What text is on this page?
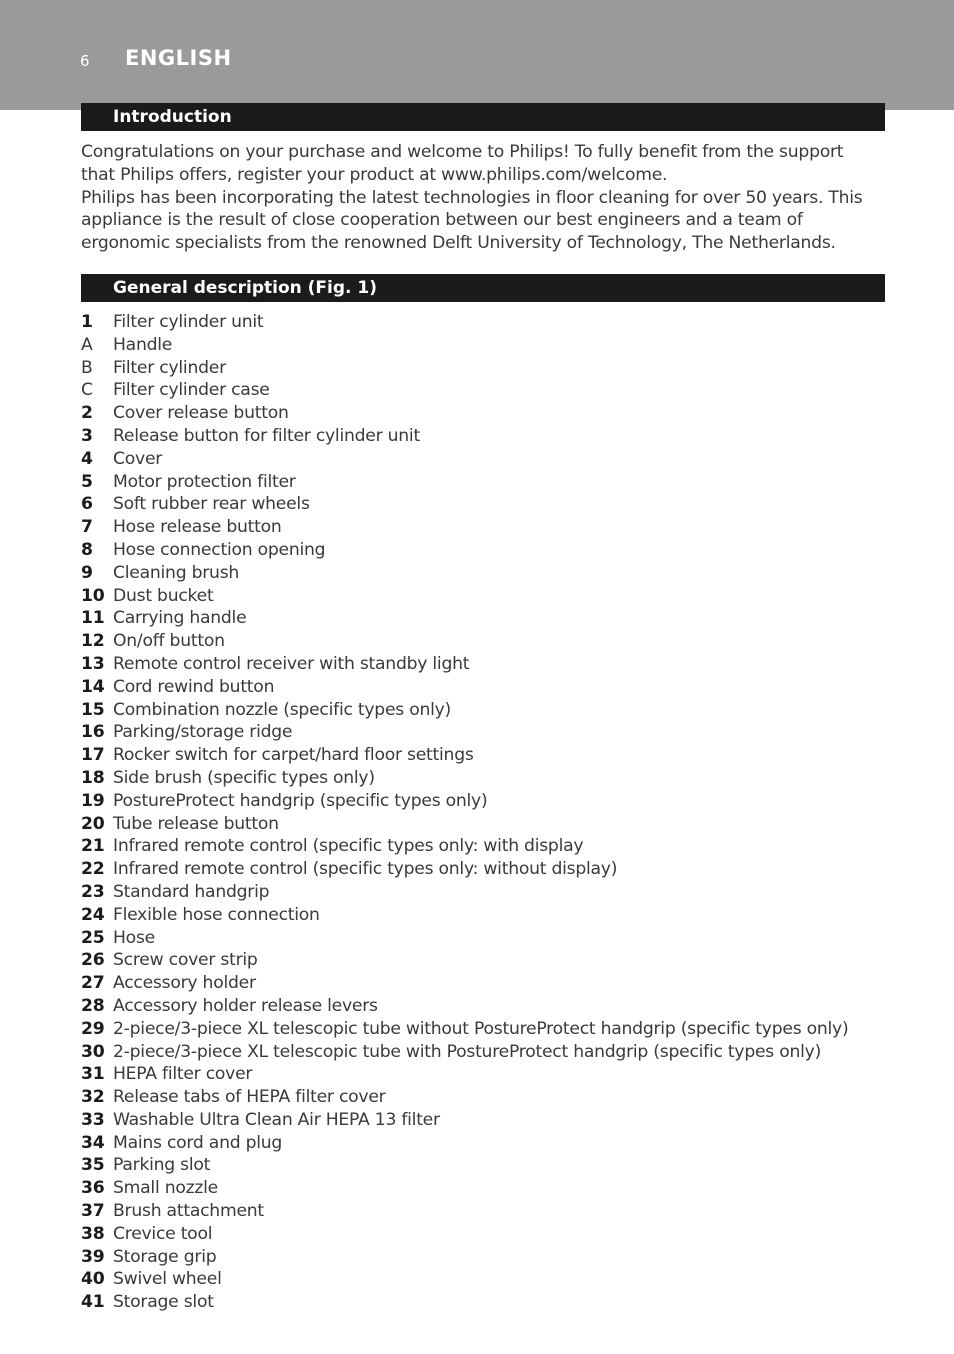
6 ENGLISH
Introduction

Congratulations on your purchase and welcome to Philips! To fully benefit from the support that Philips offers, register your product at www.philips.com/welcome.

Philips has been incorporating the latest technologies in floor cleaning for over 50 years. This appliance is the result of close cooperation between our best engineers and a team of ergonomic specialists from the renowned Delft University of Technology, The Netherlands.

General description (Fig. 1)
1 Filter cylinder unit
A Handle
B Filter cylinder
C Filter cylinder case
2 Cover release button
3 Release button for filter cylinder unit
4 Cover
5 Motor protection filter
6 Soft rubber rear wheels
7 Hose release button
8 Hose connection opening
9 Cleaning brush
10 Dust bucket
11 Carrying handle
12 On/off button
13 Remote control receiver with standby light
14 Cord rewind button
15 Combination nozzle (specific types only)
16 Parking/storage ridge
17 Rocker switch for carpet/hard floor settings
18 Side brush (specific types only)
19 PostureProtect handgrip (specific types only)
20 Tube release button
21 Infrared remote control (specific types only: with display
22 Infrared remote control (specific types only: without display)
23 Standard handgrip
24 Flexible hose connection
25 Hose
26 Screw cover strip
27 Accessory holder
28 Accessory holder release levers
29 2-piece/3-piece XL telescopic tube without PostureProtect handgrip (specific types only)
30 2-piece/3-piece XL telescopic tube with PostureProtect handgrip (specific types only)
31 HEPA filter cover
32 Release tabs of HEPA filter cover
33 Washable Ultra Clean Air HEPA 13 filter
34 Mains cord and plug
35 Parking slot
36 Small nozzle
37 Brush attachment
38 Crevice tool
39 Storage grip
40 Swivel wheel
41 Storage slot
